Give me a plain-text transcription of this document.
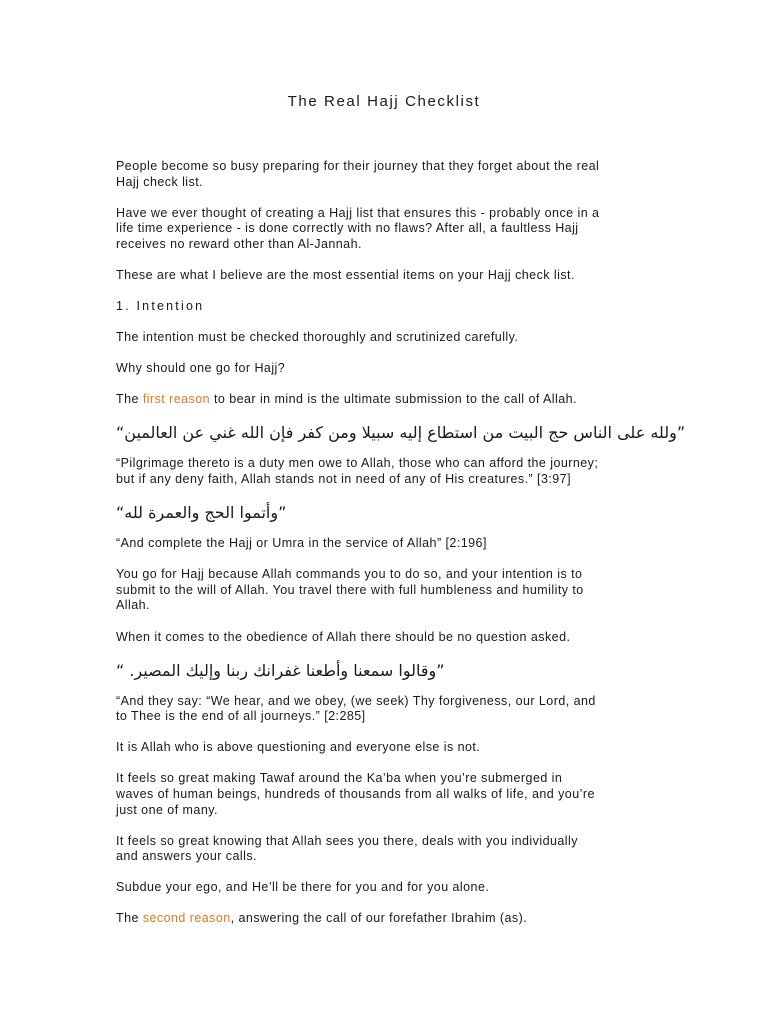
The Real Hajj Checklist
People become so busy preparing for their journey that they forget about the real
Hajj check list.
Have we ever thought of creating a Hajj list that ensures this - probably once in a
life time experience - is done correctly with no flaws? After all, a faultless Hajj
receives no reward other than Al-Jannah.
These are what I believe are the most essential items on your Hajj check list.
1. Intention
The intention must be checked thoroughly and scrutinized carefully.
Why should one go for Hajj?
The first reason to bear in mind is the ultimate submission to the call of Allah.
“ولله على الناس حج البيت من استطاع إليه سبيلا ومن كفر فإن الله غني عن العالمين”
“Pilgrimage thereto is a duty men owe to Allah, those who can afford the journey;
but if any deny faith, Allah stands not in need of any of His creatures.” [3:97]
“وأتموا الحج والعمرة لله”
“And complete the Hajj or Umra in the service of Allah” [2:196]
You go for Hajj because Allah commands you to do so, and your intention is to
submit to the will of Allah. You travel there with full humbleness and humility to
Allah.
When it comes to the obedience of Allah there should be no question asked.
“ وقالوا سمعنا وأطعنا غفرانك ربنا وإليك المصير.”
“And they say: “We hear, and we obey, (we seek) Thy forgiveness, our Lord, and
to Thee is the end of all journeys.” [2:285]
It is Allah who is above questioning and everyone else is not.
It feels so great making Tawaf around the Ka’ba when you’re submerged in
waves of human beings, hundreds of thousands from all walks of life, and you’re
just one of many.
It feels so great knowing that Allah sees you there, deals with you individually
and answers your calls.
Subdue your ego, and He’ll be there for you and for you alone.
The second reason, answering the call of our forefather Ibrahim (as).
